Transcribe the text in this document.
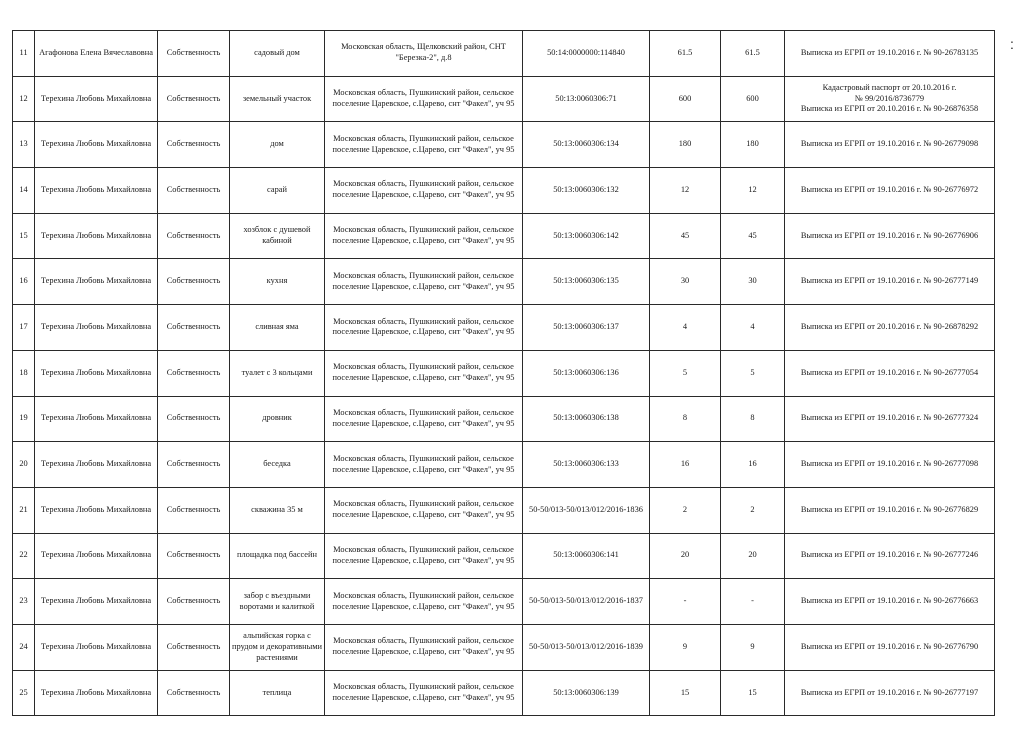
11	Агафонова Елена Вячеславовна	Собственность	садовый дом	Московская область, Щелковский район, СНТ
"Березка-2", д.8	50:14:0000000:114840	61.5	61.5	Выписка из ЕГРП от 19.10.2016 г. № 90-26783135
12	Терехина Любовь Михайловна	Собственность	земельный участок	Московская область, Пушкинский район, сельское
поселение Царевское, с.Царево, снт "Факел", уч 95	50:13:0060306:71	600	600	Кадастровый паспорт от 20.10.2016 г.
№ 99/2016/8736779
Выписка из ЕГРП от 20.10.2016 г. № 90-26876358
13	Терехина Любовь Михайловна	Собственность	дом	Московская область, Пушкинский район, сельское
поселение Царевское, с.Царево, снт "Факел", уч 95	50:13:0060306:134	180	180	Выписка из ЕГРП от 19.10.2016 г. № 90-26779098
14	Терехина Любовь Михайловна	Собственность	сарай	Московская область, Пушкинский район, сельское
поселение Царевское, с.Царево, снт "Факел", уч 95	50:13:0060306:132	12	12	Выписка из ЕГРП от 19.10.2016 г. № 90-26776972
15	Терехина Любовь Михайловна	Собственность	хозблок с душевой кабиной	Московская область, Пушкинский район, сельское
поселение Царевское, с.Царево, снт "Факел", уч 95	50:13:0060306:142	45	45	Выписка из ЕГРП от 19.10.2016 г. № 90-26776906
16	Терехина Любовь Михайловна	Собственность	кухня	Московская область, Пушкинский район, сельское
поселение Царевское, с.Царево, снт "Факел", уч 95	50:13:0060306:135	30	30	Выписка из ЕГРП от 19.10.2016 г. № 90-26777149
17	Терехина Любовь Михайловна	Собственность	сливная яма	Московская область, Пушкинский район, сельское
поселение Царевское, с.Царево, снт "Факел", уч 95	50:13:0060306:137	4	4	Выписка из ЕГРП от 20.10.2016 г. № 90-26878292
18	Терехина Любовь Михайловна	Собственность	туалет с 3 кольцами	Московская область, Пушкинский район, сельское
поселение Царевское, с.Царево, снт "Факел", уч 95	50:13:0060306:136	5	5	Выписка из ЕГРП от 19.10.2016 г. № 90-26777054
19	Терехина Любовь Михайловна	Собственность	дровник	Московская область, Пушкинский район, сельское
поселение Царевское, с.Царево, снт "Факел", уч 95	50:13:0060306:138	8	8	Выписка из ЕГРП от 19.10.2016 г. № 90-26777324
20	Терехина Любовь Михайловна	Собственность	беседка	Московская область, Пушкинский район, сельское
поселение Царевское, с.Царево, снт "Факел", уч 95	50:13:0060306:133	16	16	Выписка из ЕГРП от 19.10.2016 г. № 90-26777098
21	Терехина Любовь Михайловна	Собственность	скважина 35 м	Московская область, Пушкинский район, сельское
поселение Царевское, с.Царево, снт "Факел", уч 95	50-50/013-50/013/012/2016-1836	2	2	Выписка из ЕГРП от 19.10.2016 г. № 90-26776829
22	Терехина Любовь Михайловна	Собственность	площадка под бассейн	Московская область, Пушкинский район, сельское
поселение Царевское, с.Царево, снт "Факел", уч 95	50:13:0060306:141	20	20	Выписка из ЕГРП от 19.10.2016 г. № 90-26777246
23	Терехина Любовь Михайловна	Собственность	забор с въездными воротами и калиткой	Московская область, Пушкинский район, сельское
поселение Царевское, с.Царево, снт "Факел", уч 95	50-50/013-50/013/012/2016-1837	-	-	Выписка из ЕГРП от 19.10.2016 г. № 90-26776663
24	Терехина Любовь Михайловна	Собственность	альпийская горка с прудом и декоративными растениями	Московская область, Пушкинский район, сельское
поселение Царевское, с.Царево, снт "Факел", уч 95	50-50/013-50/013/012/2016-1839	9	9	Выписка из ЕГРП от 19.10.2016 г. № 90-26776790
25	Терехина Любовь Михайловна	Собственность	теплица	Московская область, Пушкинский район, сельское
поселение Царевское, с.Царево, снт "Факел", уч 95	50:13:0060306:139	15	15	Выписка из ЕГРП от 19.10.2016 г. № 90-26777197
:
